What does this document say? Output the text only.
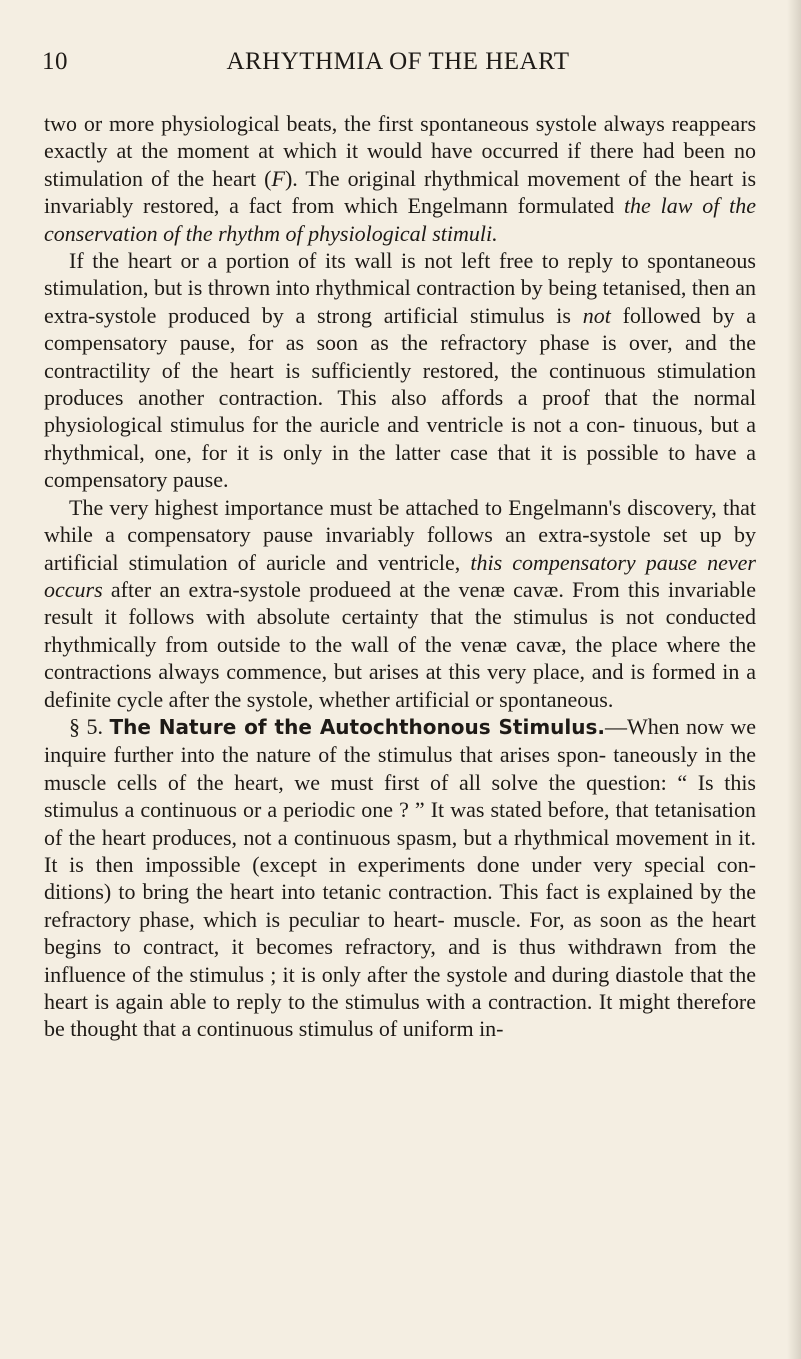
10	ARHYTHMIA OF THE HEART

two or more physiological beats, the first spontaneous systole always reappears exactly at the moment at which it would have occurred if there had been no stimulation of the heart (F). The original rhythmical movement of the heart is invariably restored, a fact from which Engelmann formulated the law of the conservation of the rhythm of physiological stimuli.

If the heart or a portion of its wall is not left free to reply to spontaneous stimulation, but is thrown into rhythmical contraction by being tetanised, then an extra-systole produced by a strong artificial stimulus is not followed by a compensatory pause, for as soon as the refractory phase is over, and the contractility of the heart is sufficiently restored, the continuous stimulation produces another contraction. This also affords a proof that the normal physiological stimulus for the auricle and ventricle is not a con- tinuous, but a rhythmical, one, for it is only in the latter case that it is possible to have a compensatory pause.

The very highest importance must be attached to Engelmann's discovery, that while a compensatory pause invariably follows an extra-systole set up by artificial stimulation of auricle and ventricle, this compensatory pause never occurs after an extra-systole produeed at the venæ cavæ. From this invariable result it follows with absolute certainty that the stimulus is not conducted rhythmically from outside to the wall of the venæ cavæ, the place where the contractions always commence, but arises at this very place, and is formed in a definite cycle after the systole, whether artificial or spontaneous.

§ 5. The Nature of the Autochthonous Stimulus.—When now we inquire further into the nature of the stimulus that arises spon- taneously in the muscle cells of the heart, we must first of all solve the question: “ Is this stimulus a continuous or a periodic one ? ” It was stated before, that tetanisation of the heart produces, not a continuous spasm, but a rhythmical movement in it. It is then impossible (except in experiments done under very special con- ditions) to bring the heart into tetanic contraction. This fact is explained by the refractory phase, which is peculiar to heart- muscle. For, as soon as the heart begins to contract, it becomes refractory, and is thus withdrawn from the influence of the stimulus ; it is only after the systole and during diastole that the heart is again able to reply to the stimulus with a contraction. It might therefore be thought that a continuous stimulus of uniform in-
